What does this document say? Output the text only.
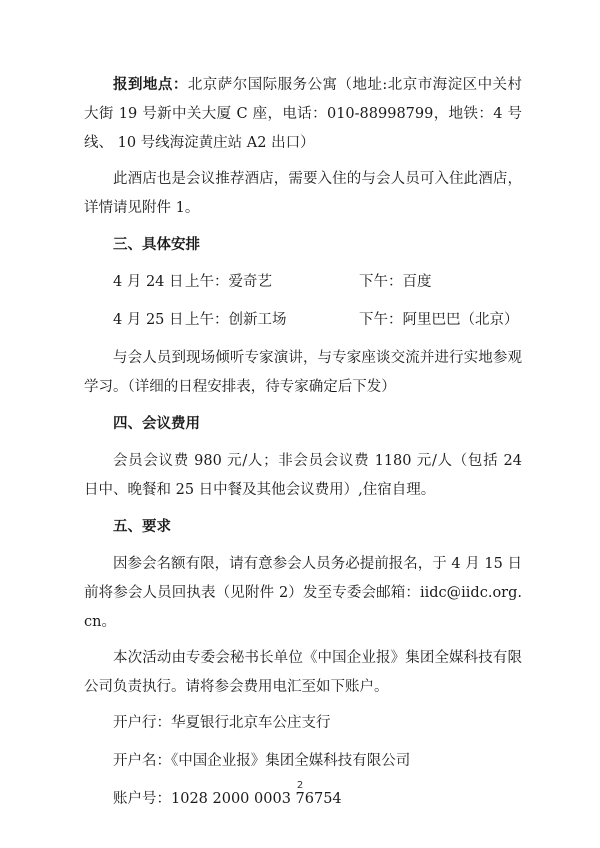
报到地点：北京萨尔国际服务公寓（地址:北京市海淀区中关村大街 19 号新中关大厦 C 座，电话：010-88998799，地铁：4 号线、 10 号线海淀黄庄站 A2 出口）

此酒店也是会议推荐酒店，需要入住的与会人员可入住此酒店，详情请见附件 1。

三、具体安排

4 月 24 日上午：爱奇艺	下午：百度
4 月 25 日上午：创新工场	下午：阿里巴巴（北京）

与会人员到现场倾听专家演讲，与专家座谈交流并进行实地参观学习。（详细的日程安排表，待专家确定后下发）

四、会议费用

会员会议费 980 元/人；非会员会议费 1180 元/人（包括 24 日中、晚餐和 25 日中餐及其他会议费用）,住宿自理。

五、要求

因参会名额有限，请有意参会人员务必提前报名，于 4 月 15 日前将参会人员回执表（见附件 2）发至专委会邮箱：iidc@iidc.org.cn。

本次活动由专委会秘书长单位《中国企业报》集团全媒科技有限公司负责执行。请将参会费用电汇至如下账户。

开户行：华夏银行北京车公庄支行

开户名：《中国企业报》集团全媒科技有限公司

账户号：1028 2000 0003 76754

2
